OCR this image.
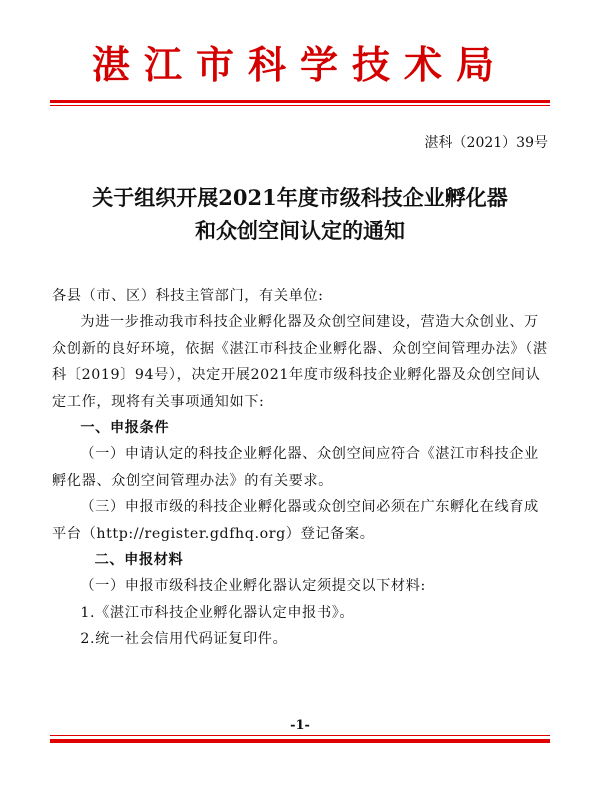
湛江市科学技术局
湛科（2021）39号
关于组织开展2021年度市级科技企业孵化器
和众创空间认定的通知

各县（市、区）科技主管部门，有关单位:

为进一步推动我市科技企业孵化器及众创空间建设，营造大众创业、万众创新的良好环境，依据《湛江市科技企业孵化器、众创空间管理办法》（湛科〔2019〕94号），决定开展2021年度市级科技企业孵化器及众创空间认定工作，现将有关事项通知如下:

一、申报条件

（一）申请认定的科技企业孵化器、众创空间应符合《湛江市科技企业孵化器、众创空间管理办法》的有关要求。

（三）申报市级的科技企业孵化器或众创空间必须在广东孵化在线育成平台（http://register.gdfhq.org）登记备案。

二、申报材料

（一）申报市级科技企业孵化器认定须提交以下材料:

1.《湛江市科技企业孵化器认定申报书》。

2.统一社会信用代码证复印件。

-1-
